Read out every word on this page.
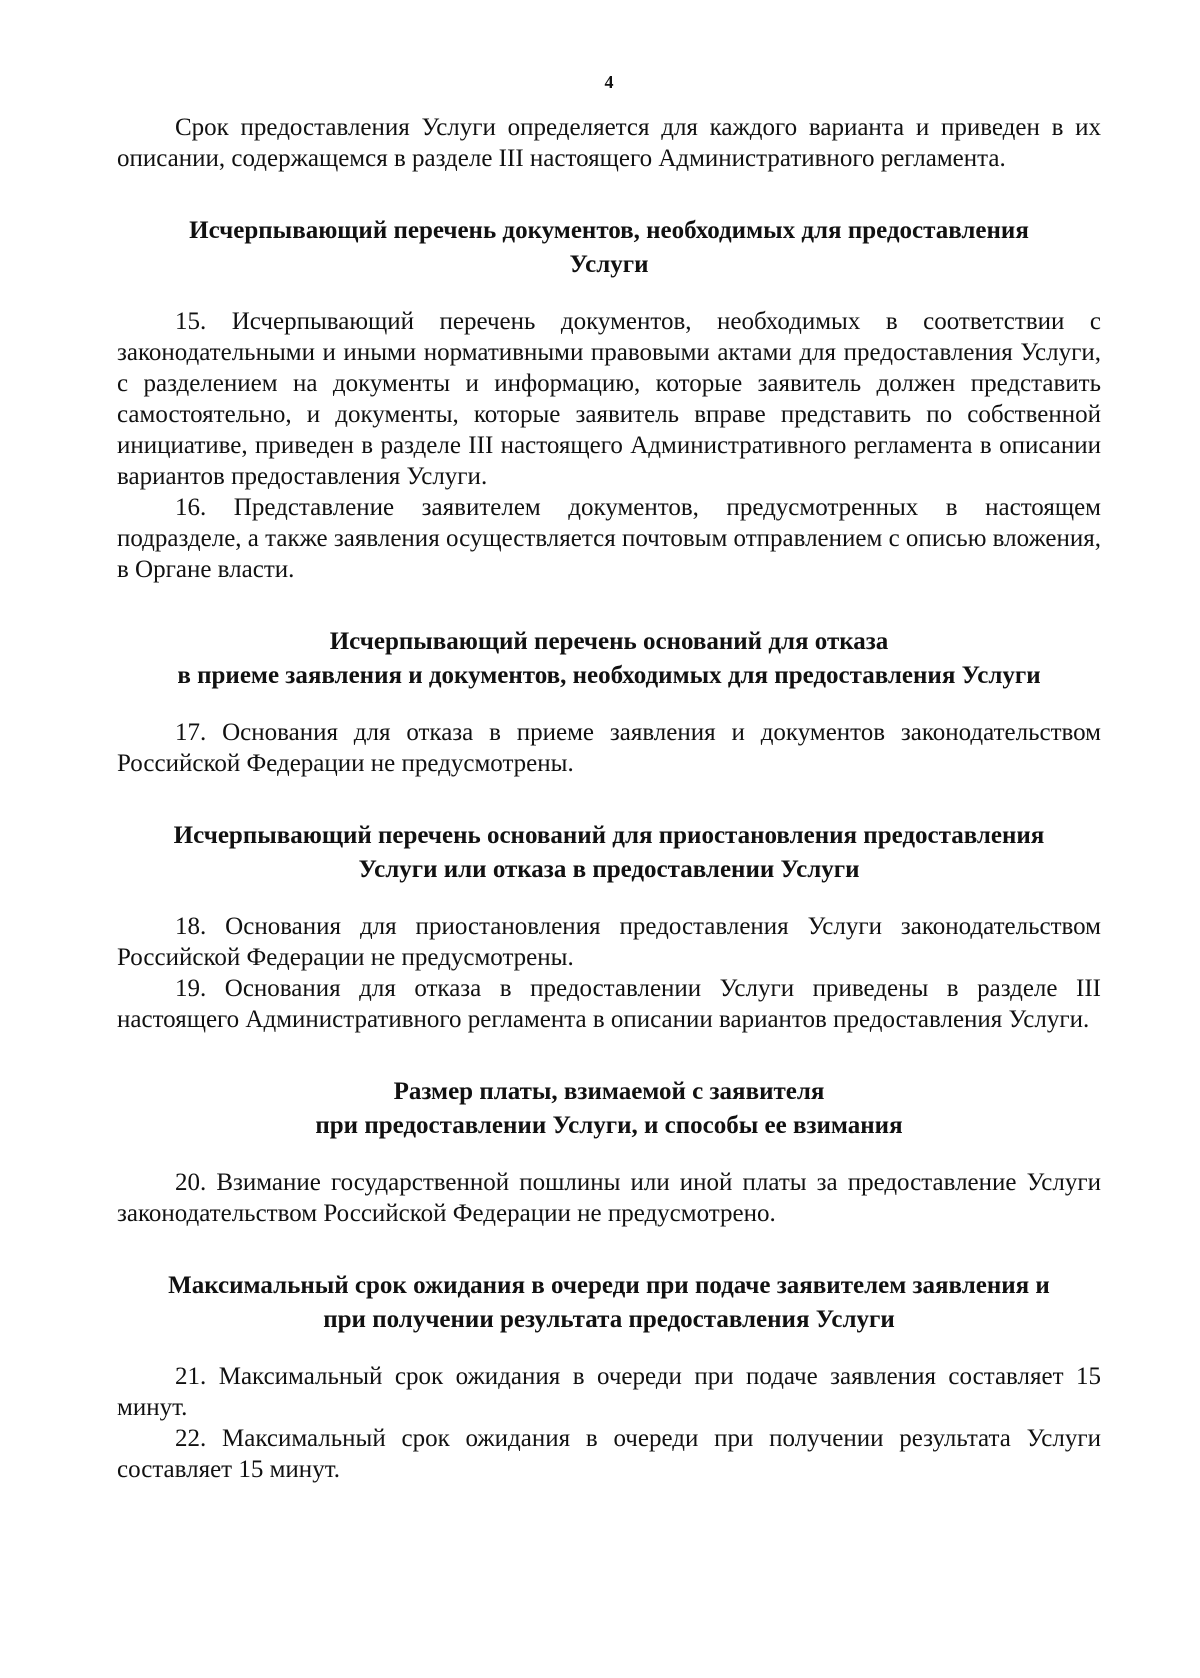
4

Срок предоставления Услуги определяется для каждого варианта и приведен в их описании, содержащемся в разделе III настоящего Административного регламента.

Исчерпывающий перечень документов, необходимых для предоставления
Услуги

15. Исчерпывающий перечень документов, необходимых в соответствии с законодательными и иными нормативными правовыми актами для предоставления Услуги, с разделением на документы и информацию, которые заявитель должен представить самостоятельно, и документы, которые заявитель вправе представить по собственной инициативе, приведен в разделе III настоящего Административного регламента в описании вариантов предоставления Услуги.

16. Представление заявителем документов, предусмотренных в настоящем подразделе, а также заявления осуществляется почтовым отправлением с описью вложения, в Органе власти.

Исчерпывающий перечень оснований для отказа
в приеме заявления и документов, необходимых для предоставления Услуги

17. Основания для отказа в приеме заявления и документов законодательством Российской Федерации не предусмотрены.

Исчерпывающий перечень оснований для приостановления предоставления
Услуги или отказа в предоставлении Услуги

18. Основания для приостановления предоставления Услуги законодательством Российской Федерации не предусмотрены.

19. Основания для отказа в предоставлении Услуги приведены в разделе III настоящего Административного регламента в описании вариантов предоставления Услуги.

Размер платы, взимаемой с заявителя
при предоставлении Услуги, и способы ее взимания

20. Взимание государственной пошлины или иной платы за предоставление Услуги законодательством Российской Федерации не предусмотрено.

Максимальный срок ожидания в очереди при подаче заявителем заявления и
при получении результата предоставления Услуги

21. Максимальный срок ожидания в очереди при подаче заявления составляет 15 минут.

22. Максимальный срок ожидания в очереди при получении результата Услуги составляет 15 минут.
